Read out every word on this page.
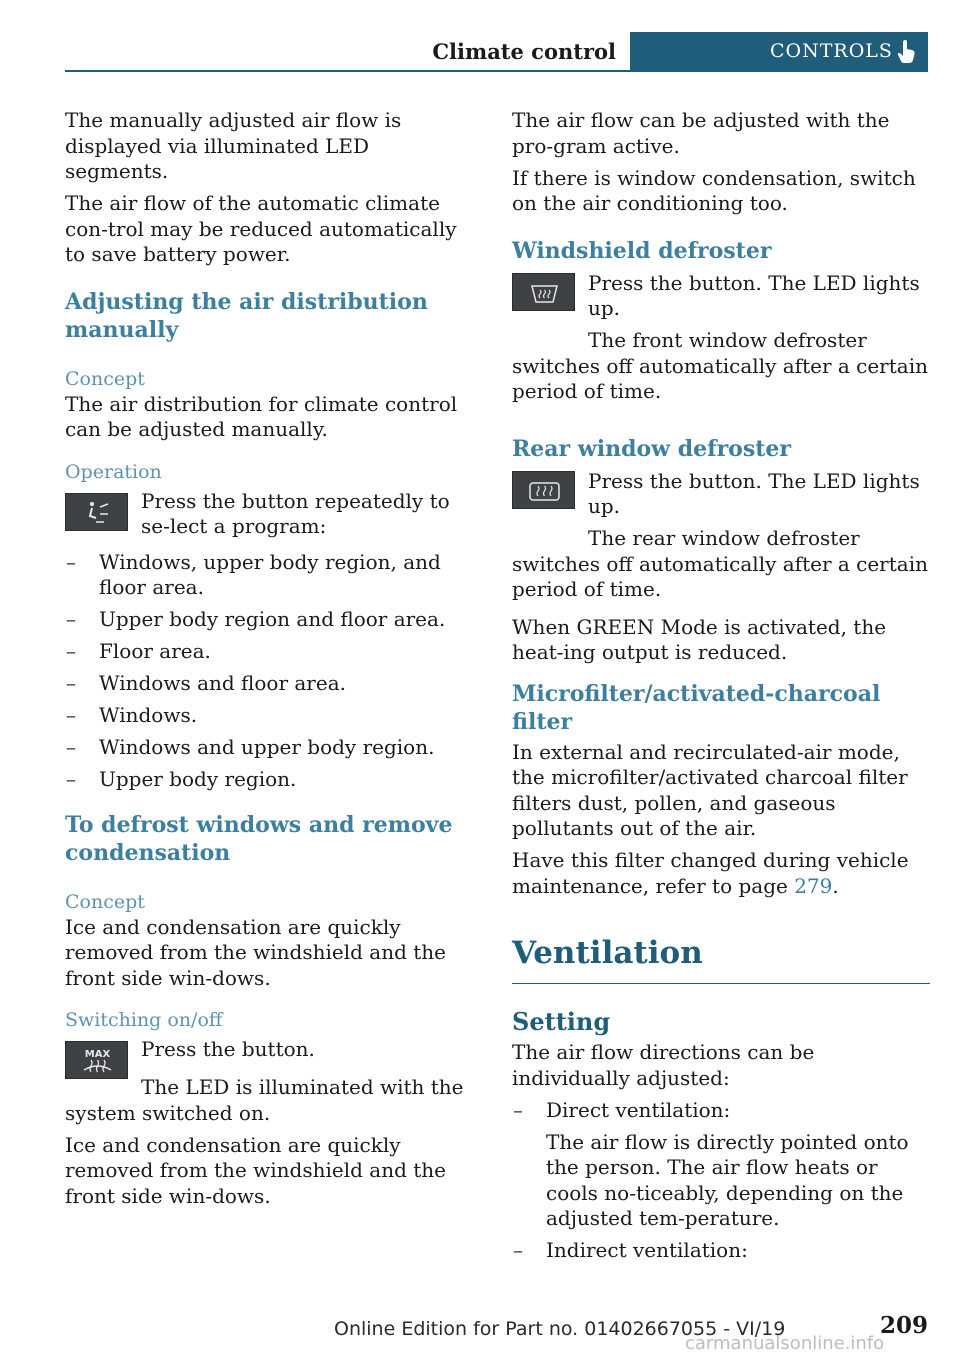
Climate control	CONTROLS

The manually adjusted air flow is displayed via illuminated LED segments.

The air flow of the automatic climate con-trol may be reduced automatically to save battery power.

Adjusting the air distribution manually
Concept

The air distribution for climate control can be adjusted manually.

Operation
Press the button repeatedly to se-lect a program:
– Windows, upper body region, and floor area.
– Upper body region and floor area.
– Floor area.
– Windows and floor area.
– Windows.
– Windows and upper body region.
– Upper body region.
To defrost windows and remove condensation
Concept

Ice and condensation are quickly removed from the windshield and the front side win-dows.

Switching on/off
MAX Press the button.

The LED is illuminated with the system switched on.

Ice and condensation are quickly removed from the windshield and the front side win-dows.

The air flow can be adjusted with the pro-gram active.

If there is window condensation, switch on the air conditioning too.

Windshield defroster

Press the button. The LED lights up.

The front window defroster switches off automatically after a certain period of time.

Rear window defroster

Press the button. The LED lights up.

The rear window defroster switches off automatically after a certain period of time.

When GREEN Mode is activated, the heat-ing output is reduced.

Microfilter/activated-charcoal filter

In external and recirculated-air mode, the microfilter/activated charcoal filter filters dust, pollen, and gaseous pollutants out of the air.

Have this filter changed during vehicle maintenance, refer to page 279.

Ventilation
Setting

The air flow directions can be individually adjusted:

– Direct ventilation:
The air flow is directly pointed onto the person. The air flow heats or cools no-ticeably, depending on the adjusted tem-perature.
– Indirect ventilation:
Online Edition for Part no. 01402667055 - VI/19	209
carmanualsonline.info
